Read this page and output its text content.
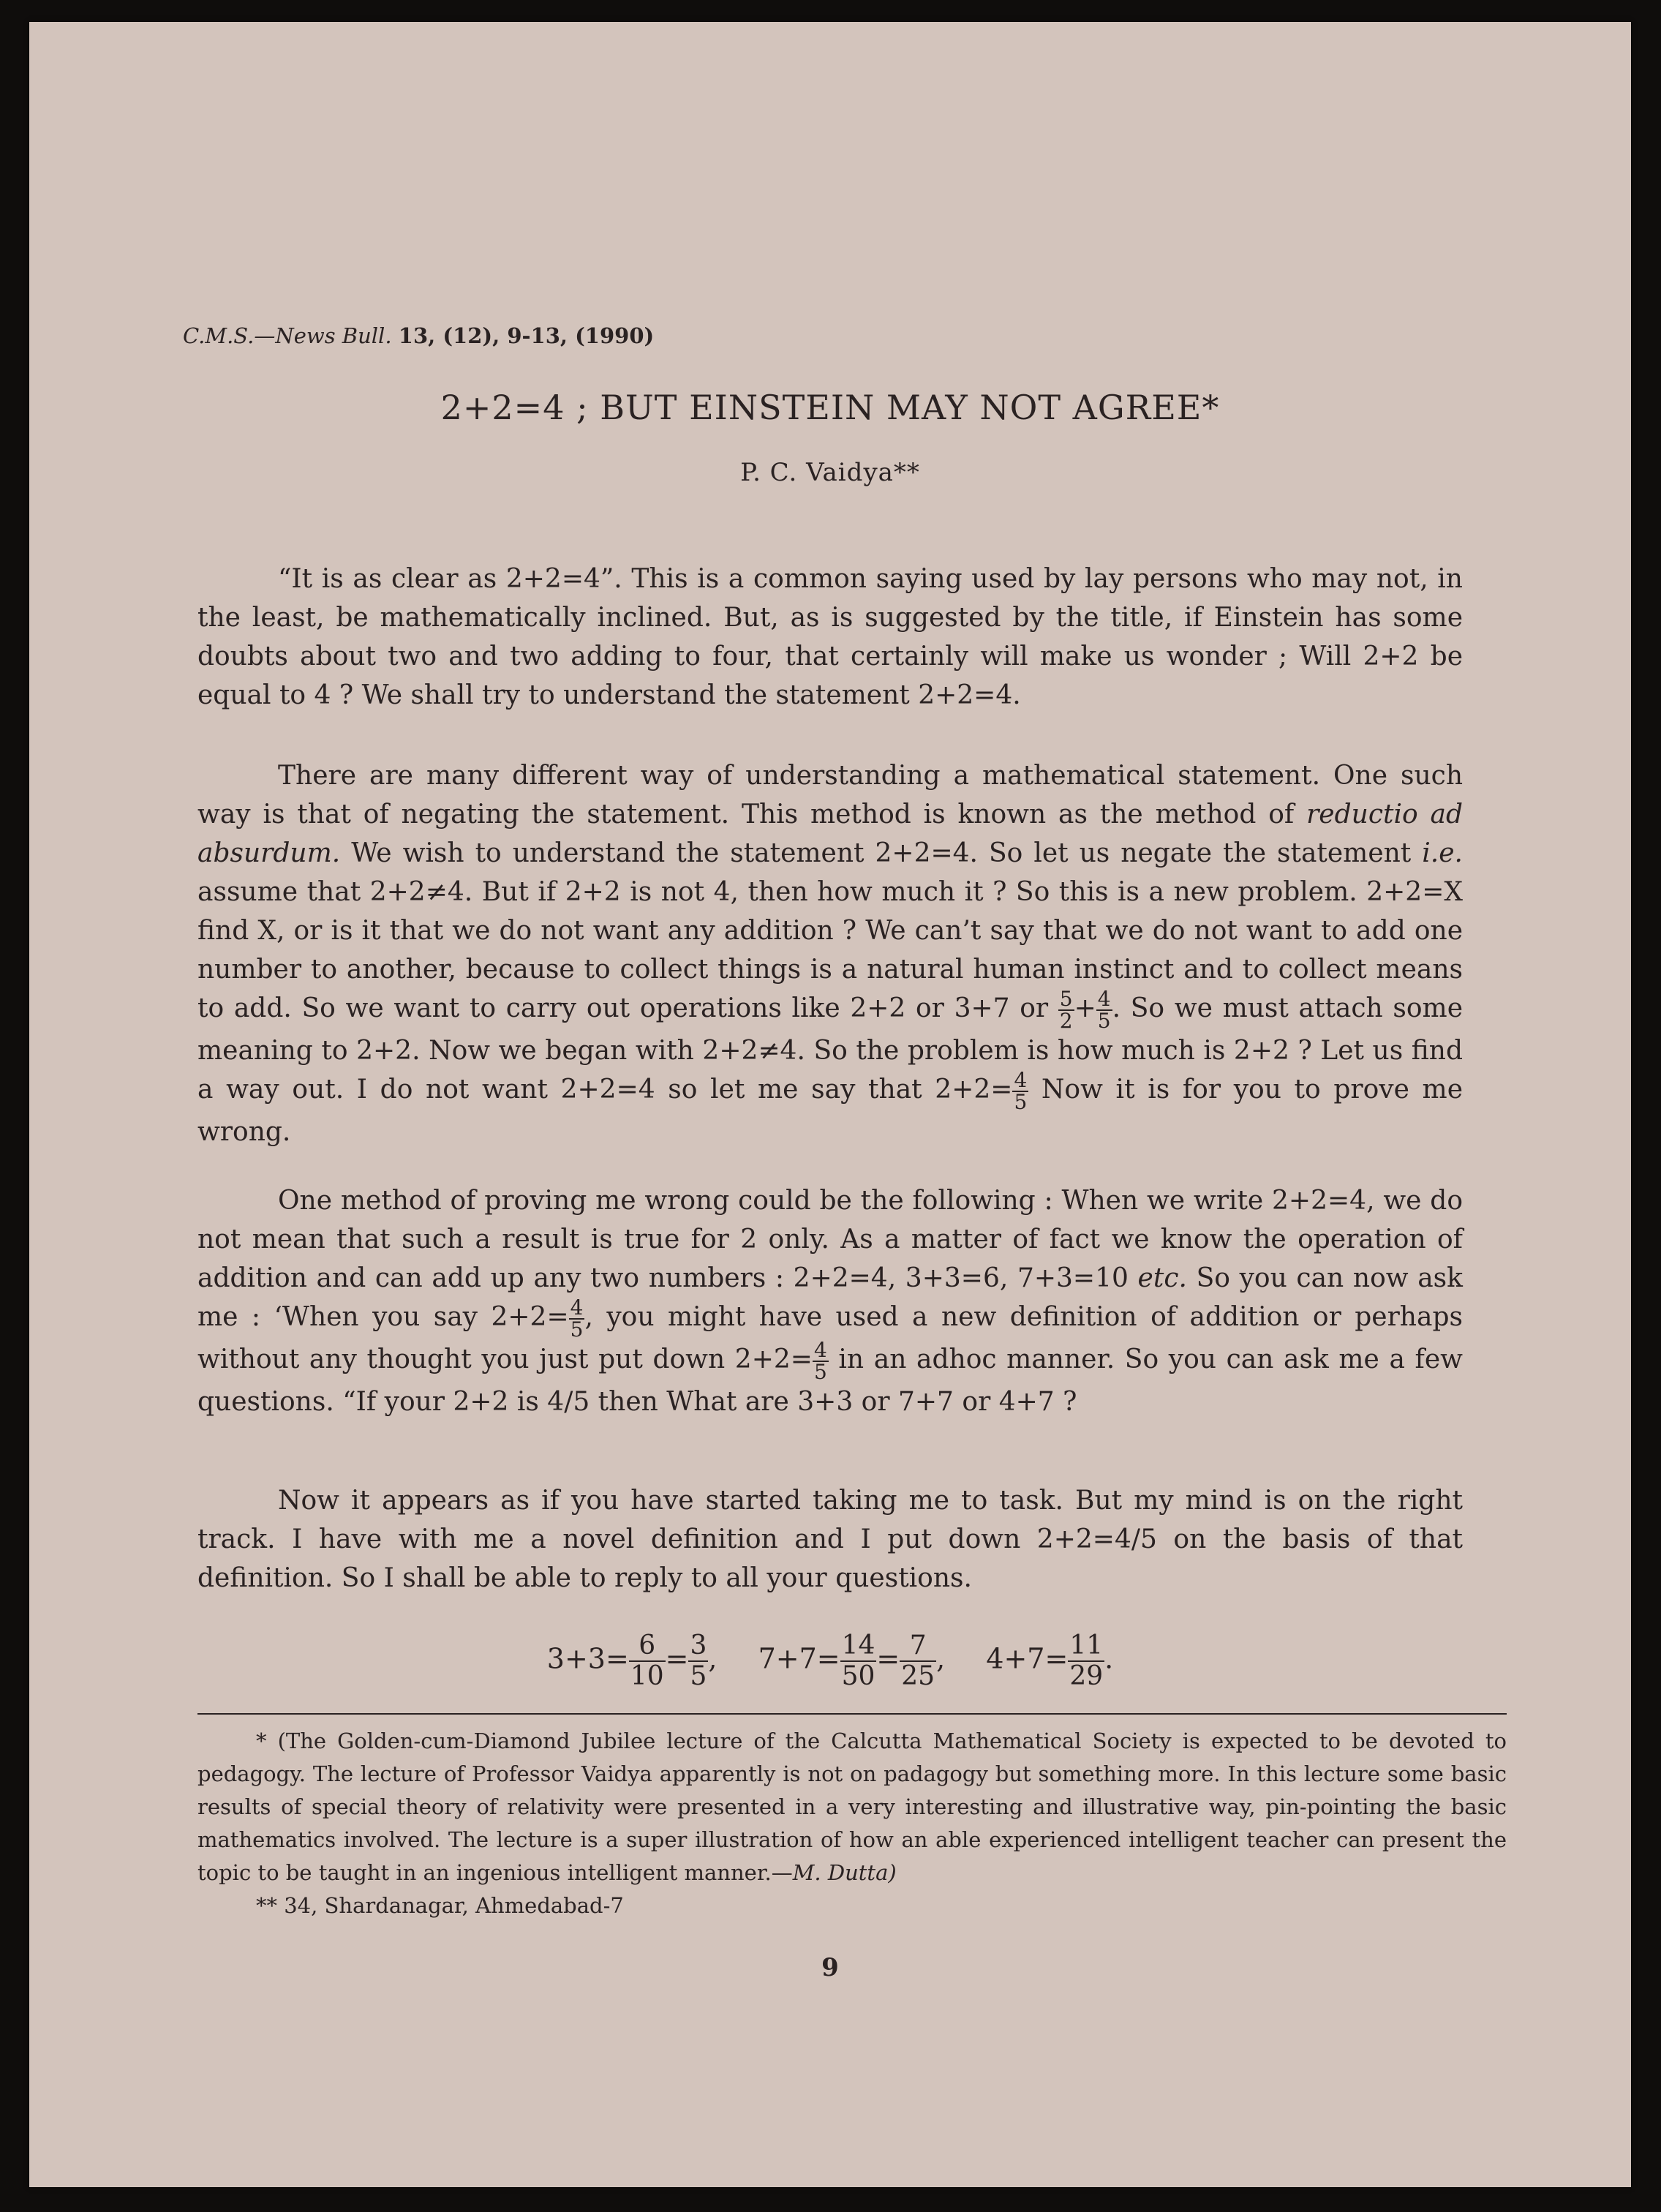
C.M.S.—News Bull. 13, (12), 9-13, (1990)
2+2=4 ; BUT EINSTEIN MAY NOT AGREE*
P. C. Vaidya**
“It is as clear as 2+2=4”. This is a common saying used by lay persons who may not, in the least, be mathematically inclined. But, as is suggested by the title, if Einstein has some doubts about two and two adding to four, that certainly will make us wonder ; Will 2+2 be equal to 4 ? We shall try to understand the statement 2+2=4.
There are many different way of understanding a mathematical statement. One such way is that of negating the statement. This method is known as the method of reductio ad absurdum. We wish to understand the statement 2+2=4. So let us negate the statement i.e. assume that 2+2≠4. But if 2+2 is not 4, then how much it ? So this is a new problem. 2+2=X find X, or is it that we do not want any addition ? We can’t say that we do not want to add one number to another, because to collect things is a natural human instinct and to collect means to add. So we want to carry out operations like 2+2 or 3+7 or $\frac{5}{2} + \frac{4}{5}$ . So we must attach some meaning to 2+2. Now we began with 2+2≠4. So the problem is how much is 2+2 ? Let us find a way out. I do not want 2+2=4 so let me say that $2+2= \frac{4}{5}$ Now it is for you to prove me wrong.
One method of proving me wrong could be the following : When we write 2+2=4, we do not mean that such a result is true for 2 only. As a matter of fact we know the operation of addition and can add up any two numbers : 2+2=4, 3+3=6, 7+3=10 etc. So you can now ask me : ‘When you say $2+2= \frac{4}{5}$ , you might have used a new definition of addition or perhaps without any thought you just put down $2+2= \frac{4}{5}$ in an adhoc manner. So you can ask me a few questions. “If your 2+2 is 4/5 then What are 3+3 or 7+7 or 4+7 ?
Now it appears as if you have started taking me to task. But my mind is on the right track. I have with me a novel definition and I put down 2+2=4/5 on the basis of that definition. So I shall be able to reply to all your questions.
$3+3= \frac{6}{10} = \frac{3}{5}$ , $7+7= \frac{14}{50} = \frac{7}{25}$ , $4+7= \frac{11}{29}$ .
* (The Golden-cum-Diamond Jubilee lecture of the Calcutta Mathematical Society is expected to be devoted to pedagogy. The lecture of Professor Vaidya apparently is not on padagogy but something more. In this lecture some basic results of special theory of relativity were presented in a very interesting and illustrative way, pin-pointing the basic mathematics involved. The lecture is a super illustration of how an able experienced intelligent teacher can present the topic to be taught in an ingenious intelligent manner.—M. Dutta)
** 34, Shardanagar, Ahmedabad-7
9
